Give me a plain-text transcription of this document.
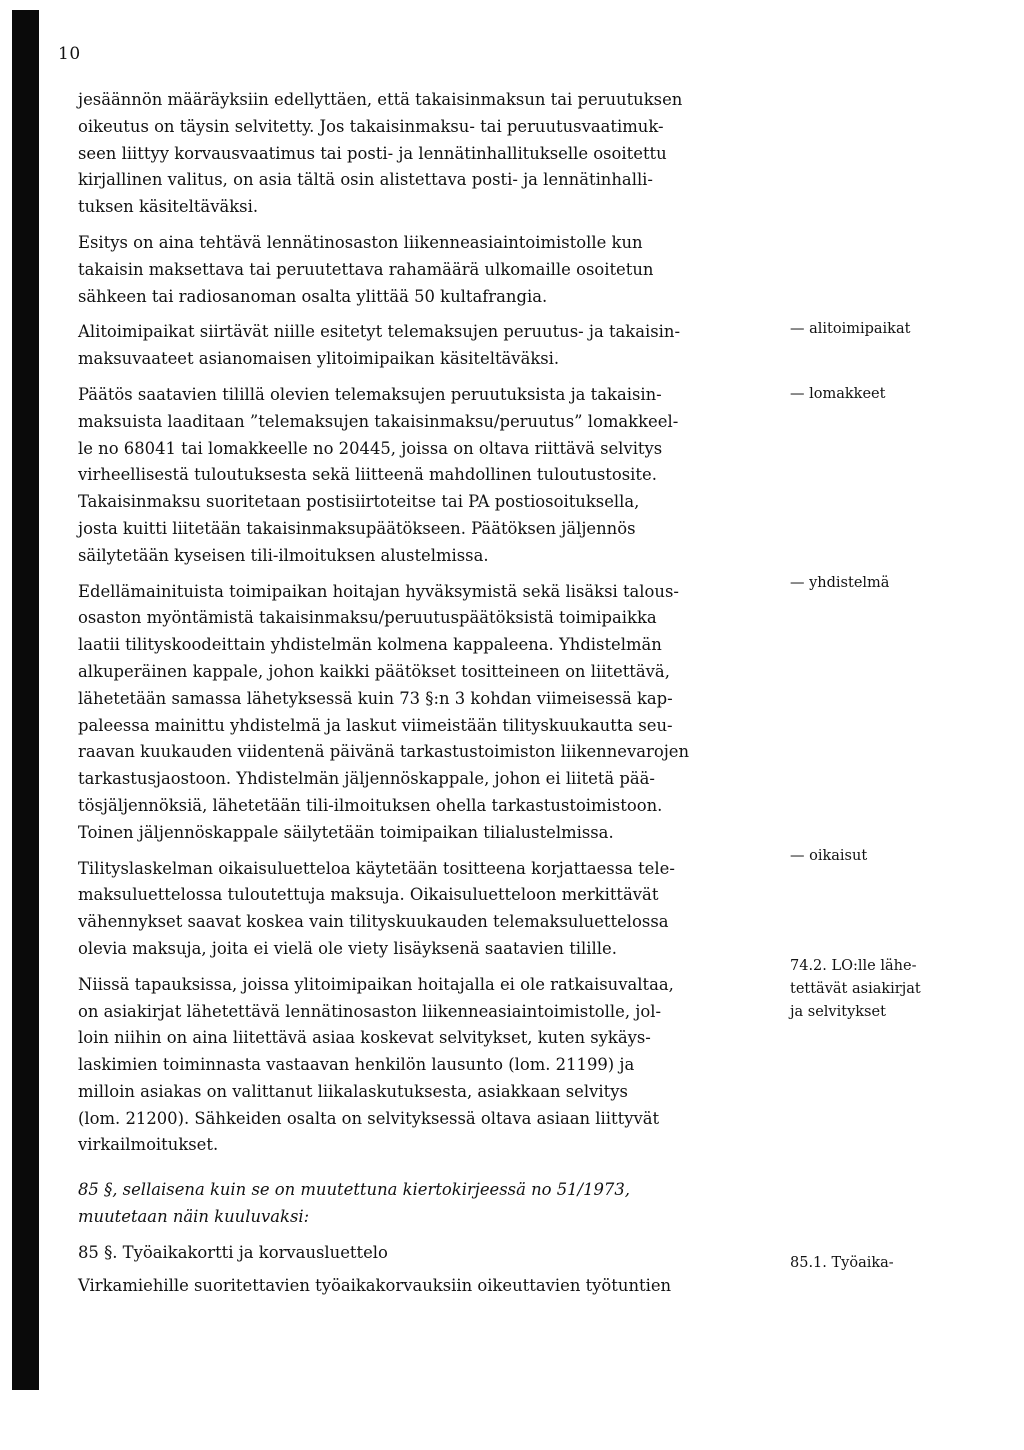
10

jesäännön määräyksiin edellyttäen, että takaisinmaksun tai peruutuksen
oikeutus on täysin selvitetty. Jos takaisinmaksu- tai peruutusvaatimuk-
seen liittyy korvausvaatimus tai posti- ja lennätinhallitukselle osoitettu
kirjallinen valitus, on asia tältä osin alistettava posti- ja lennätinhalli-
tuksen käsiteltäväksi.

Esitys on aina tehtävä lennätinosaston liikenneasiaintoimistolle kun
takaisin maksettava tai peruutettava rahamäärä ulkomaille osoitetun
sähkeen tai radiosanoman osalta ylittää 50 kultafrangia.

Alitoimipaikat siirtävät niille esitetyt telemaksujen peruutus- ja takaisin-
maksuvaateet asianomaisen ylitoimipaikan käsiteltäväksi.

Päätös saatavien tilillä olevien telemaksujen peruutuksista ja takaisin-
maksuista laaditaan ”telemaksujen takaisinmaksu/peruutus” lomakkeel-
le no 68041 tai lomakkeelle no 20445, joissa on oltava riittävä selvitys
virheellisestä tuloutuksesta sekä liitteenä mahdollinen tuloutustosite.
Takaisinmaksu suoritetaan postisiirtoteitse tai PA postiosoituksella,
josta kuitti liitetään takaisinmaksupäätökseen. Päätöksen jäljennös
säilytetään kyseisen tili-ilmoituksen alustelmissa.

Edellämainituista toimipaikan hoitajan hyväksymistä sekä lisäksi talous-
osaston myöntämistä takaisinmaksu/peruutuspäätöksistä toimipaikka
laatii tilityskoodeittain yhdistelmän kolmena kappaleena. Yhdistelmän
alkuperäinen kappale, johon kaikki päätökset tositteineen on liitettävä,
lähetetään samassa lähetyksessä kuin 73 §:n 3 kohdan viimeisessä kap-
paleessa mainittu yhdistelmä ja laskut viimeistään tilityskuukautta seu-
raavan kuukauden viidentenä päivänä tarkastustoimiston liikennevarojen
tarkastusjaostoon. Yhdistelmän jäljennöskappale, johon ei liitetä pää-
tösjäljennöksiä, lähetetään tili-ilmoituksen ohella tarkastustoimistoon.
Toinen jäljennöskappale säilytetään toimipaikan tilialustelmissa.

Tilityslaskelman oikaisuluetteloa käytetään tositteena korjattaessa tele-
maksuluettelossa tuloutettuja maksuja. Oikaisuluetteloon merkittävät
vähennykset saavat koskea vain tilityskuukauden telemaksuluettelossa
olevia maksuja, joita ei vielä ole viety lisäyksenä saatavien tilille.

Niissä tapauksissa, joissa ylitoimipaikan hoitajalla ei ole ratkaisuvaltaa,
on asiakirjat lähetettävä lennätinosaston liikenneasiaintoimistolle, jol-
loin niihin on aina liitettävä asiaa koskevat selvitykset, kuten sykäys-
laskimien toiminnasta vastaavan henkilön lausunto (lom. 21199) ja
milloin asiakas on valittanut liikalaskutuksesta, asiakkaan selvitys
(lom. 21200). Sähkeiden osalta on selvityksessä oltava asiaan liittyvät
virkailmoitukset.

85 §, sellaisena kuin se on muutettuna kiertokirjeessä no 51/1973,
muutetaan näin kuuluvaksi:

85 §. Työaikakortti ja korvausluettelo

Virkamiehille suoritettavien työaikakorvauksiin oikeuttavien työtuntien

— alitoimipaikat
— lomakkeet
— yhdistelmä
— oikaisut
74.2. LO:lle lähe-
tettävät asiakirjat
ja selvitykset
85.1. Työaika-
